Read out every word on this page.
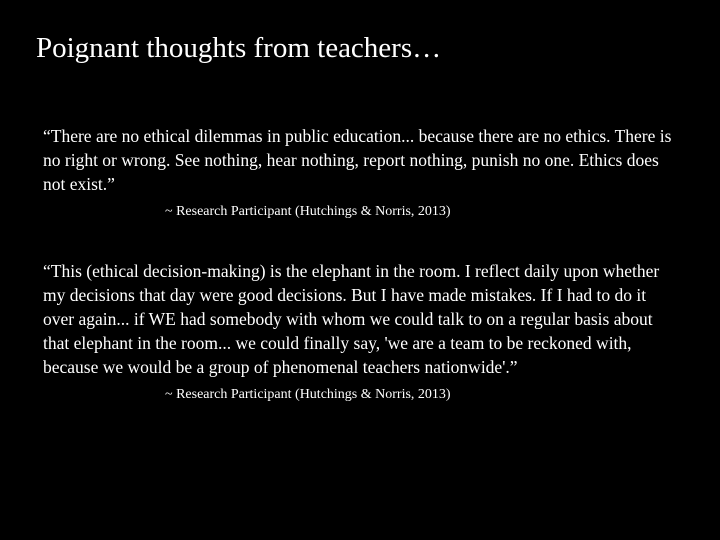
Poignant thoughts from teachers…

“There are no ethical dilemmas in public education... because there are no ethics. There is no right or wrong. See nothing, hear nothing, report nothing, punish no one. Ethics does not exist.”

~ Research Participant (Hutchings & Norris, 2013)

“This (ethical decision-making) is the elephant in the room. I reflect daily upon whether my decisions that day were good decisions. But I have made mistakes. If I had to do it over again... if WE had somebody with whom we could talk to on a regular basis about that elephant in the room... we could finally say, 'we are a team to be reckoned with, because we would be a group of phenomenal teachers nationwide'.”

~ Research Participant (Hutchings & Norris, 2013)
